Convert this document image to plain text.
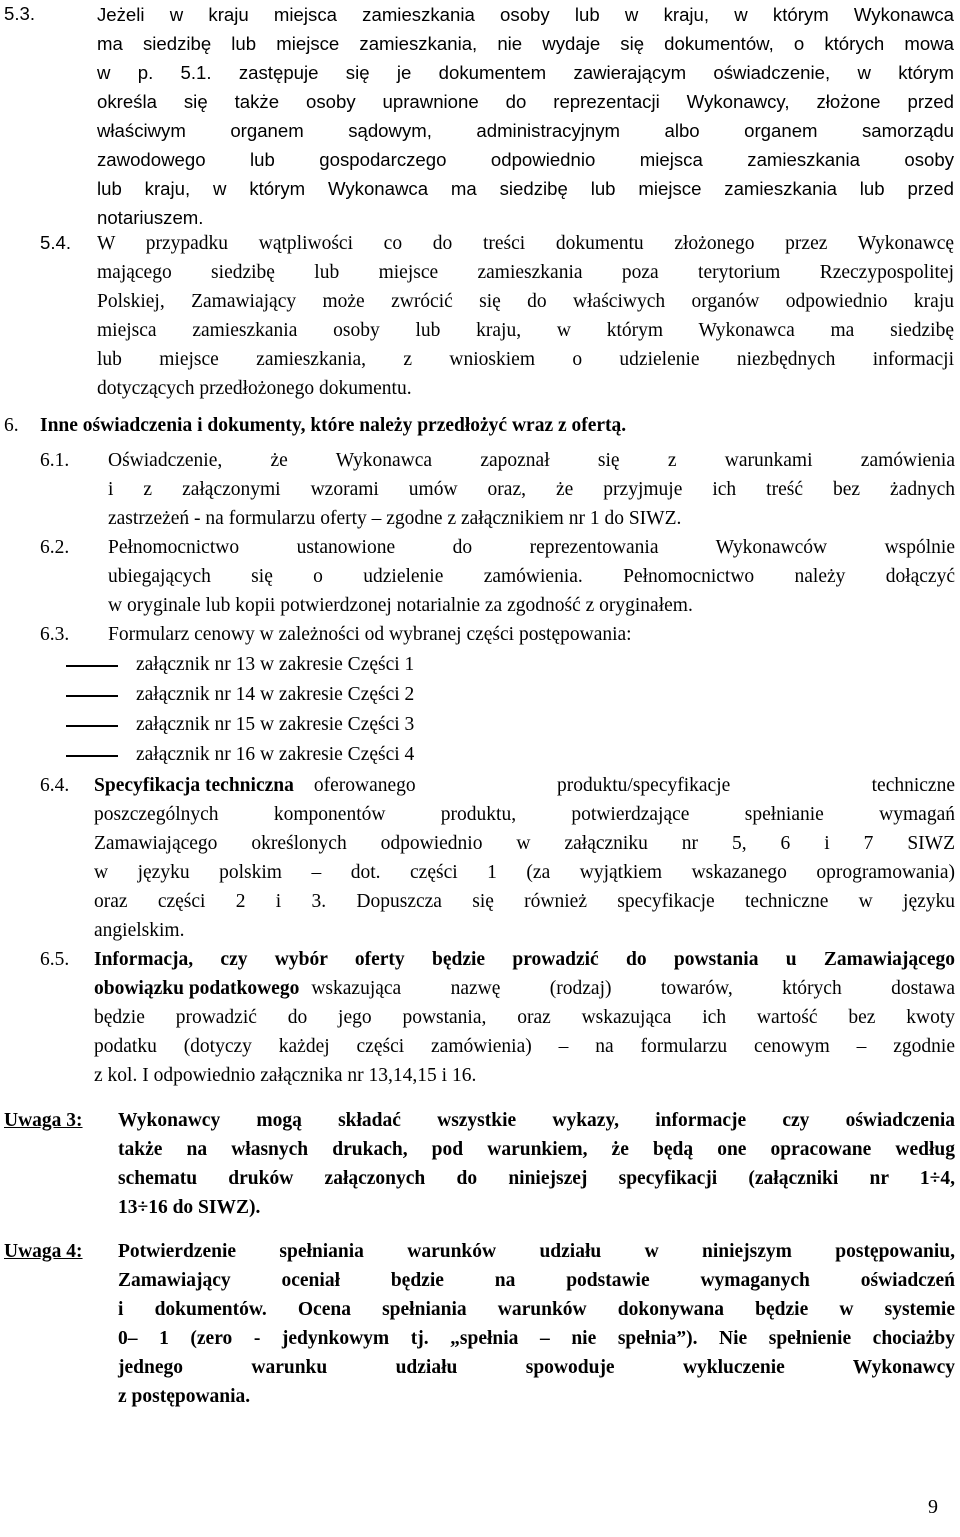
5.3.	Jeżeli w kraju miejsca zamieszkania osoby lub w kraju, w którym Wykonawca
ma siedzibę lub miejsce zamieszkania, nie wydaje się dokumentów, o których mowa
w p. 5.1. zastępuje się je dokumentem zawierającym oświadczenie, w którym
określa się także osoby uprawnione do reprezentacji Wykonawcy, złożone przed
właściwym organem sądowym, administracyjnym albo organem samorządu
zawodowego lub gospodarczego odpowiednio miejsca zamieszkania osoby
lub kraju, w którym Wykonawca ma siedzibę lub miejsce zamieszkania lub przed
notariuszem.
5.4. W przypadku wątpliwości co do treści dokumentu złożonego przez Wykonawcę
mającego siedzibę lub miejsce zamieszkania poza terytorium Rzeczypospolitej
Polskiej, Zamawiający może zwrócić się do właściwych organów odpowiednio kraju
miejsca zamieszkania osoby lub kraju, w którym Wykonawca ma siedzibę
lub miejsce zamieszkania, z wnioskiem o udzielenie niezbędnych informacji
dotyczących przedłożonego dokumentu.
6. Inne oświadczenia i dokumenty, które należy przedłożyć wraz z ofertą.
6.1. Oświadczenie, że Wykonawca zapoznał się z warunkami zamówienia
i z załączonymi wzorami umów oraz, że przyjmuje ich treść bez żadnych
zastrzeżeń - na formularzu oferty – zgodne z załącznikiem nr 1 do SIWZ.
6.2. Pełnomocnictwo ustanowione do reprezentowania Wykonawców wspólnie
ubiegających się o udzielenie zamówienia. Pełnomocnictwo należy dołączyć
w oryginale lub kopii potwierdzonej notarialnie za zgodność z oryginałem.
6.3. Formularz cenowy w zależności od wybranej części postępowania:
załącznik nr 13 w zakresie Części 1
załącznik nr 14 w zakresie Części 2
załącznik nr 15 w zakresie Części 3
załącznik nr 16 w zakresie Części 4
6.4. Specyfikacja techniczna oferowanego produktu/specyfikacje techniczne
poszczególnych komponentów produktu, potwierdzające spełnianie wymagań
Zamawiającego określonych odpowiednio w załączniku nr 5, 6 i 7 SIWZ
w języku polskim – dot. części 1 (za wyjątkiem wskazanego oprogramowania)
oraz części 2 i 3. Dopuszcza się również specyfikacje techniczne w języku
angielskim.
6.5. Informacja, czy wybór oferty będzie prowadzić do powstania u Zamawiającego
obowiązku podatkowego wskazująca nazwę (rodzaj) towarów, których dostawa
będzie prowadzić do jego powstania, oraz wskazująca ich wartość bez kwoty
podatku (dotyczy każdej części zamówienia) – na formularzu cenowym – zgodnie
z kol. I odpowiednio załącznika nr 13,14,15 i 16.
Uwaga 3: Wykonawcy mogą składać wszystkie wykazy, informacje czy oświadczenia
także na własnych drukach, pod warunkiem, że będą one opracowane według
schematu druków załączonych do niniejszej specyfikacji (załączniki nr 1÷4,
13÷16 do SIWZ).
Uwaga 4: Potwierdzenie spełniania warunków udziału w niniejszym postępowaniu,
Zamawiający oceniał będzie na podstawie wymaganych oświadczeń
i dokumentów. Ocena spełniania warunków dokonywana będzie w systemie
0– 1 (zero - jedynkowym tj. „spełnia – nie spełnia”). Nie spełnienie chociażby
jednego warunku udziału spowoduje wykluczenie Wykonawcy
z postępowania.
9
